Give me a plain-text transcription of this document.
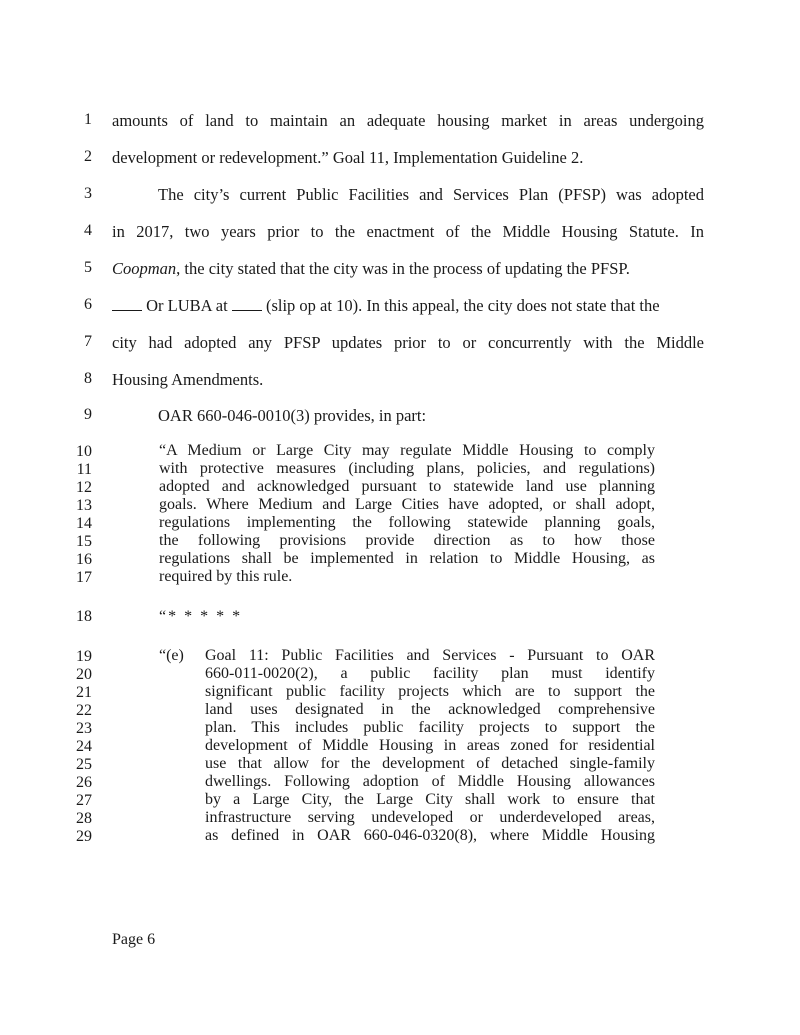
1 amounts of land to maintain an adequate housing market in areas undergoing
2 development or redevelopment.” Goal 11, Implementation Guideline 2.
3	The city’s current Public Facilities and Services Plan (PFSP) was adopted
4 in 2017, two years prior to the enactment of the Middle Housing Statute. In
5 Coopman, the city stated that the city was in the process of updating the PFSP.
6	Or LUBA at (slip op at 10). In this appeal, the city does not state that the
7 city had adopted any PFSP updates prior to or concurrently with the Middle
8 Housing Amendments.
9	OAR 660-046-0010(3) provides, in part:
10
11
12
13
14
15
16
17
“A Medium or Large City may regulate Middle Housing to comply
with protective measures (including plans, policies, and regulations)
adopted and acknowledged pursuant to statewide land use planning
goals. Where Medium and Large Cities have adopted, or shall adopt,
regulations implementing the following statewide planning goals,
the following provisions provide direction as to how those
regulations shall be implemented in relation to Middle Housing, as
required by this rule.
18	“* * * * *
19
20
21
22
23
24
25
26
27
28
29
“(e) Goal 11: Public Facilities and Services - Pursuant to OAR
660-011-0020(2), a public facility plan must identify
significant public facility projects which are to support the
land uses designated in the acknowledged comprehensive
plan. This includes public facility projects to support the
development of Middle Housing in areas zoned for residential
use that allow for the development of detached single-family
dwellings. Following adoption of Middle Housing allowances
by a Large City, the Large City shall work to ensure that
infrastructure serving undeveloped or underdeveloped areas,
as defined in OAR 660-046-0320(8), where Middle Housing
Page 6
